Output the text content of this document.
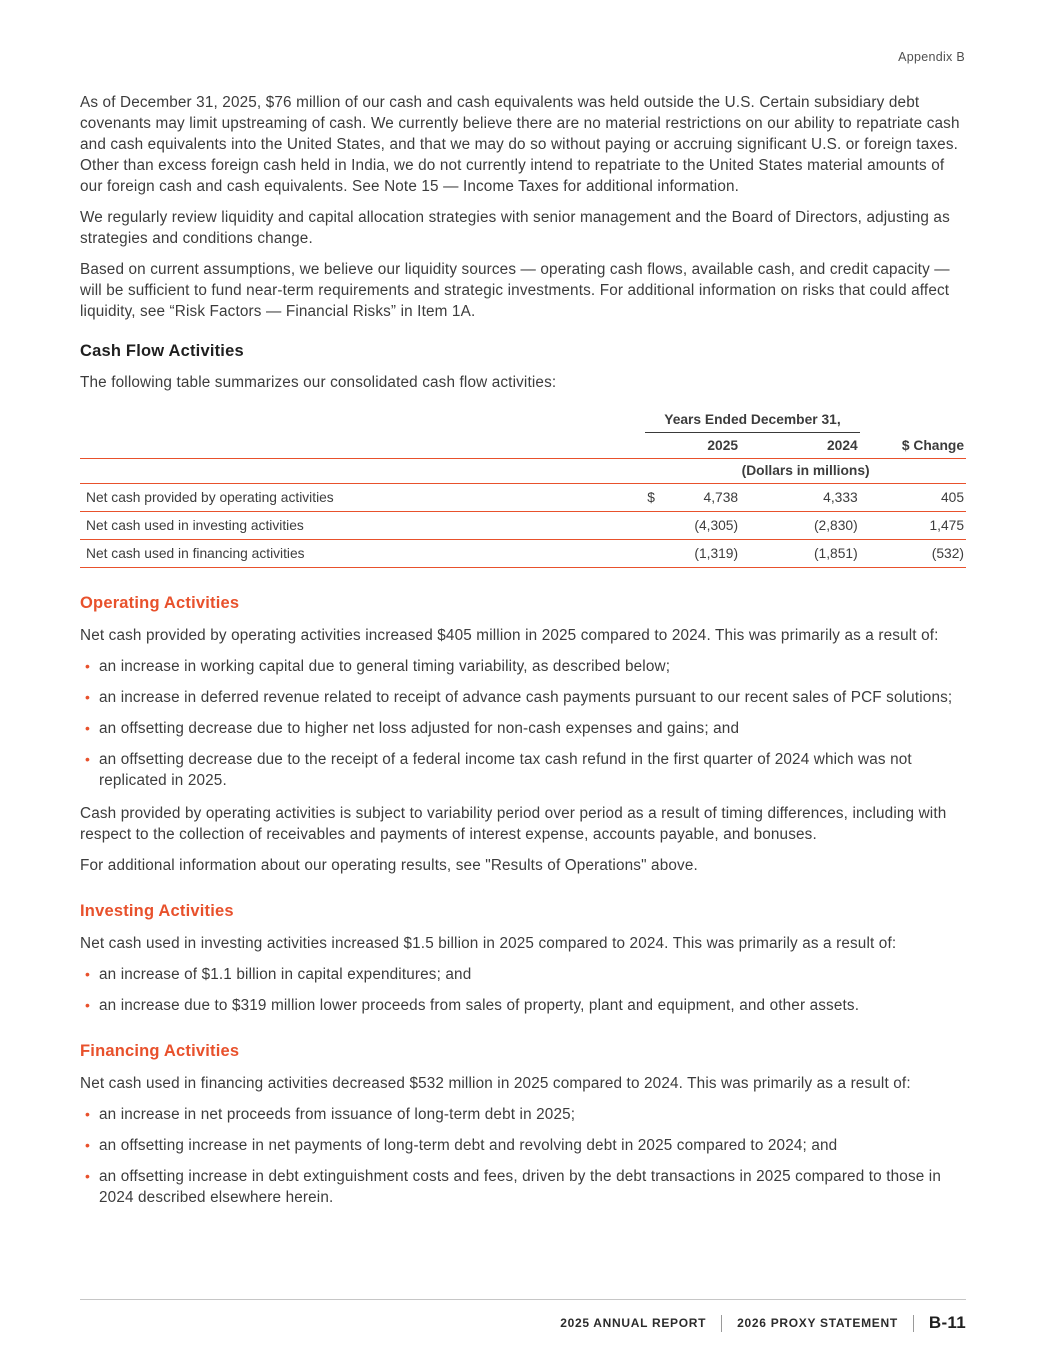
Appendix B

As of December 31, 2025, $76 million of our cash and cash equivalents was held outside the U.S. Certain subsidiary debt covenants may limit upstreaming of cash. We currently believe there are no material restrictions on our ability to repatriate cash and cash equivalents into the United States, and that we may do so without paying or accruing significant U.S. or foreign taxes. Other than excess foreign cash held in India, we do not currently intend to repatriate to the United States material amounts of our foreign cash and cash equivalents. See Note 15 — Income Taxes for additional information.

We regularly review liquidity and capital allocation strategies with senior management and the Board of Directors, adjusting as strategies and conditions change.

Based on current assumptions, we believe our liquidity sources — operating cash flows, available cash, and credit capacity — will be sufficient to fund near-term requirements and strategic investments. For additional information on risks that could affect liquidity, see “Risk Factors — Financial Risks” in Item 1A.

Cash Flow Activities

The following table summarizes our consolidated cash flow activities:

	Years Ended December 31,		
	2025	2024	$ Change
	(Dollars in millions)		
Net cash provided by operating activities	$ 4,738	4,333	405
Net cash used in investing activities	(4,305)	(2,830)	1,475
Net cash used in financing activities	(1,319)	(1,851)	(532)
Operating Activities

Net cash provided by operating activities increased $405 million in 2025 compared to 2024. This was primarily as a result of:

• an increase in working capital due to general timing variability, as described below;
• an increase in deferred revenue related to receipt of advance cash payments pursuant to our recent sales of PCF solutions;
• an offsetting decrease due to higher net loss adjusted for non-cash expenses and gains; and
• an offsetting decrease due to the receipt of a federal income tax cash refund in the first quarter of 2024 which was not replicated in 2025.

Cash provided by operating activities is subject to variability period over period as a result of timing differences, including with respect to the collection of receivables and payments of interest expense, accounts payable, and bonuses.

For additional information about our operating results, see "Results of Operations" above.

Investing Activities

Net cash used in investing activities increased $1.5 billion in 2025 compared to 2024. This was primarily as a result of:

• an increase of $1.1 billion in capital expenditures; and
• an increase due to $319 million lower proceeds from sales of property, plant and equipment, and other assets.
Financing Activities

Net cash used in financing activities decreased $532 million in 2025 compared to 2024. This was primarily as a result of:

• an increase in net proceeds from issuance of long-term debt in 2025;
• an offsetting increase in net payments of long-term debt and revolving debt in 2025 compared to 2024; and
• an offsetting increase in debt extinguishment costs and fees, driven by the debt transactions in 2025 compared to those in 2024 described elsewhere herein.
2025 ANNUAL REPORT	2026 PROXY STATEMENT B-11
